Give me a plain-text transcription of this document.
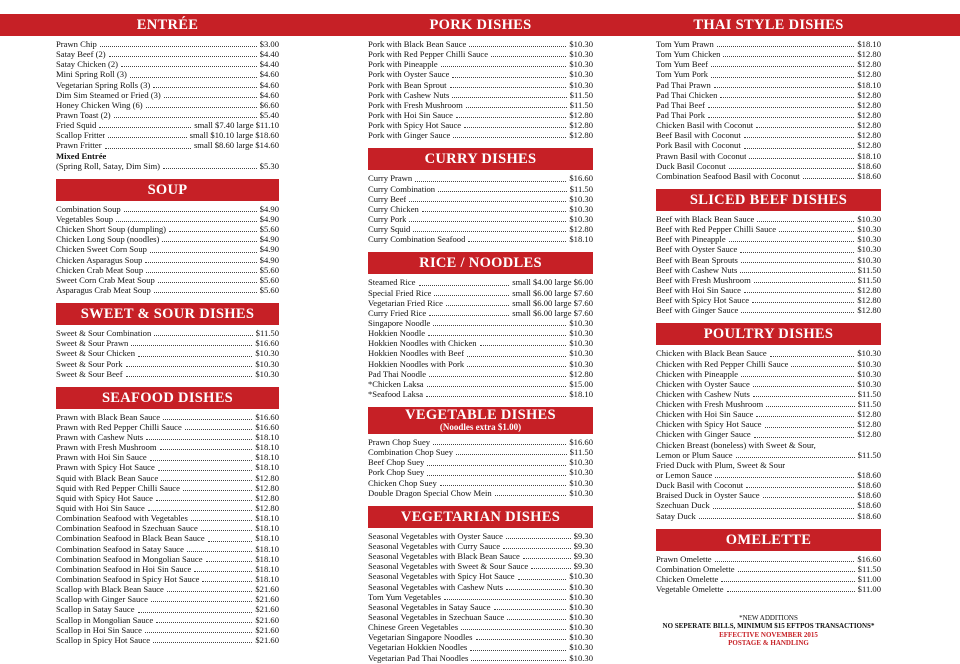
ENTRÉE
Prawn Chip	$3.00
Satay Beef (2)	$4.40
Satay Chicken (2)	$4.40
Mini Spring Roll (3)	$4.60
Vegetarian Spring Rolls (3)	$4.60
Dim Sim Steamed or Fried (3)	$4.60
Honey Chicken Wing (6)	$6.60
Prawn Toast (2)	$5.40
Fried Squid	small $7.40 large $11.10
Scallop Fritter	small $10.10 large $18.60
Prawn Fritter	small $8.60 large $14.60
Mixed Entrée
(Spring Roll, Satay, Dim Sim)	$5.30
SOUP
Combination Soup	$4.90
Vegetables Soup	$4.90
Chicken Short Soup (dumpling)	$5.60
Chicken Long Soup (noodles)	$4.90
Chicken Sweet Corn Soup	$4.90
Chicken Asparagus Soup	$4.90
Chicken Crab Meat Soup	$5.60
Sweet Corn Crab Meat Soup	$5.60
Asparagus Crab Meat Soup	$5.60
SWEET & SOUR DISHES
Sweet & Sour Combination	$11.50
Sweet & Sour Prawn	$16.60
Sweet & Sour Chicken	$10.30
Sweet & Sour Pork	$10.30
Sweet & Sour Beef	$10.30
SEAFOOD DISHES
Prawn with Black Bean Sauce	$16.60
Prawn with Red Pepper Chilli Sauce	$16.60
Prawn with Cashew Nuts	$18.10
Prawn with Fresh Mushroom	$18.10
Prawn with Hoi Sin Sauce	$18.10
Prawn with Spicy Hot Sauce	$18.10
Squid with Black Bean Sauce	$12.80
Squid with Red Pepper Chilli Sauce	$12.80
Squid with Spicy Hot Sauce	$12.80
Squid with Hoi Sin Sauce	$12.80
Combination Seafood with Vegetables	$18.10
Combination Seafood in Szechuan Sauce	$18.10
Combination Seafood in Black Bean Sauce	$18.10
Combination Seafood in Satay Sauce	$18.10
Combination Seafood in Mongolian Sauce	$18.10
Combination Seafood in Hoi Sin Sauce	$18.10
Combination Seafood in Spicy Hot Sauce	$18.10
Scallop with Black Bean Sauce	$21.60
Scallop with Ginger Sauce	$21.60
Scallop in Satay Sauce	$21.60
Scallop in Mongolian Sauce	$21.60
Scallop in Hoi Sin Sauce	$21.60
Scallop in Spicy Hot Sauce	$21.60
PORK DISHES
Pork with Black Bean Sauce	$10.30
Pork with Red Pepper Chilli Sauce	$10.30
Pork with Pineapple	$10.30
Pork with Oyster Sauce	$10.30
Pork with Bean Sprout	$10.30
Pork with Cashew Nuts	$11.50
Pork with Fresh Mushroom	$11.50
Pork with Hoi Sin Sauce	$12.80
Pork with Spicy Hot Sauce	$12.80
Pork with Ginger Sauce	$12.80
CURRY DISHES
Curry Prawn	$16.60
Curry Combination	$11.50
Curry Beef	$10.30
Curry Chicken	$10.30
Curry Pork	$10.30
Curry Squid	$12.80
Curry Combination Seafood	$18.10
RICE / NOODLES
Steamed Rice	small $4.00 large $6.00
Special Fried Rice	small $6.00 large $7.60
Vegetarian Fried Rice	small $6.00 large $7.60
Curry Fried Rice	small $6.00 large $7.60
Singapore Noodle	$10.30
Hokkien Noodle	$10.30
Hokkien Noodles with Chicken	$10.30
Hokkien Noodles with Beef	$10.30
Hokkien Noodles with Pork	$10.30
Pad Thai Noodle	$12.80
*Chicken Laksa	$15.00
*Seafood Laksa	$18.10
VEGETABLE DISHES
(Noodles extra $1.00)
Prawn Chop Suey	$16.60
Combination Chop Suey	$11.50
Beef Chop Suey	$10.30
Pork Chop Suey	$10.30
Chicken Chop Suey	$10.30
Double Dragon Special Chow Mein	$10.30
VEGETARIAN DISHES
Seasonal Vegetables with Oyster Sauce	$9.30
Seasonal Vegetables with Curry Sauce	$9.30
Seasonal Vegetables with Black Bean Sauce	$9.30
Seasonal Vegetables with Sweet & Sour Sauce	$9.30
Seasonal Vegetables with Spicy Hot Sauce	$10.30
Seasonal Vegetables with Cashew Nuts	$10.30
Tom Yum Vegetables	$10.30
Seasonal Vegetables in Satay Sauce	$10.30
Seasonal Vegetables in Szechuan Sauce	$10.30
Chinese Green Vegetables	$10.30
Vegetarian Singapore Noodles	$10.30
Vegetarian Hokkien Noodles	$10.30
Vegetarian Pad Thai Noodles	$10.30
THAI STYLE DISHES
Tom Yum Prawn	$18.10
Tom Yum Chicken	$12.80
Tom Yum Beef	$12.80
Tom Yum Pork	$12.80
Pad Thai Prawn	$18.10
Pad Thai Chicken	$12.80
Pad Thai Beef	$12.80
Pad Thai Pork	$12.80
Chicken Basil with Coconut	$12.80
Beef Basil with Coconut	$12.80
Pork Basil with Coconut	$12.80
Prawn Basil with Coconut	$18.10
Duck Basil Coconut	$18.60
Combination Seafood Basil with Coconut	$18.60
SLICED BEEF DISHES
Beef with Black Bean Sauce	$10.30
Beef with Red Pepper Chilli Sauce	$10.30
Beef with Pineapple	$10.30
Beef with Oyster Sauce	$10.30
Beef with Bean Sprouts	$10.30
Beef with Cashew Nuts	$11.50
Beef with Fresh Mushroom	$11.50
Beef with Hoi Sin Sauce	$12.80
Beef with Spicy Hot Sauce	$12.80
Beef with Ginger Sauce	$12.80
POULTRY DISHES
Chicken with Black Bean Sauce	$10.30
Chicken with Red Pepper Chilli Sauce	$10.30
Chicken with Pineapple	$10.30
Chicken with Oyster Sauce	$10.30
Chicken with Cashew Nuts	$11.50
Chicken with Fresh Mushroom	$11.50
Chicken with Hoi Sin Sauce	$12.80
Chicken with Spicy Hot Sauce	$12.80
Chicken with Ginger Sauce	$12.80
Chicken Breast (boneless) with Sweet & Sour,
Lemon or Plum Sauce	$11.50
Fried Duck with Plum, Sweet & Sour
or Lemon Sauce	$18.60
Duck Basil with Coconut	$18.60
Braised Duck in Oyster Sauce	$18.60
Szechuan Duck	$18.60
Satay Duck	$18.60
OMELETTE
Prawn Omelette	$16.60
Combination Omelette	$11.50
Chicken Omelette	$11.00
Vegetable Omelette	$11.00
*NEW ADDITIONS
NO SEPERATE BILLS, MINIMUM $15 EFTPOS TRANSACTIONS*
EFFECTIVE NOVEMBER 2015
POSTAGE & HANDLING
